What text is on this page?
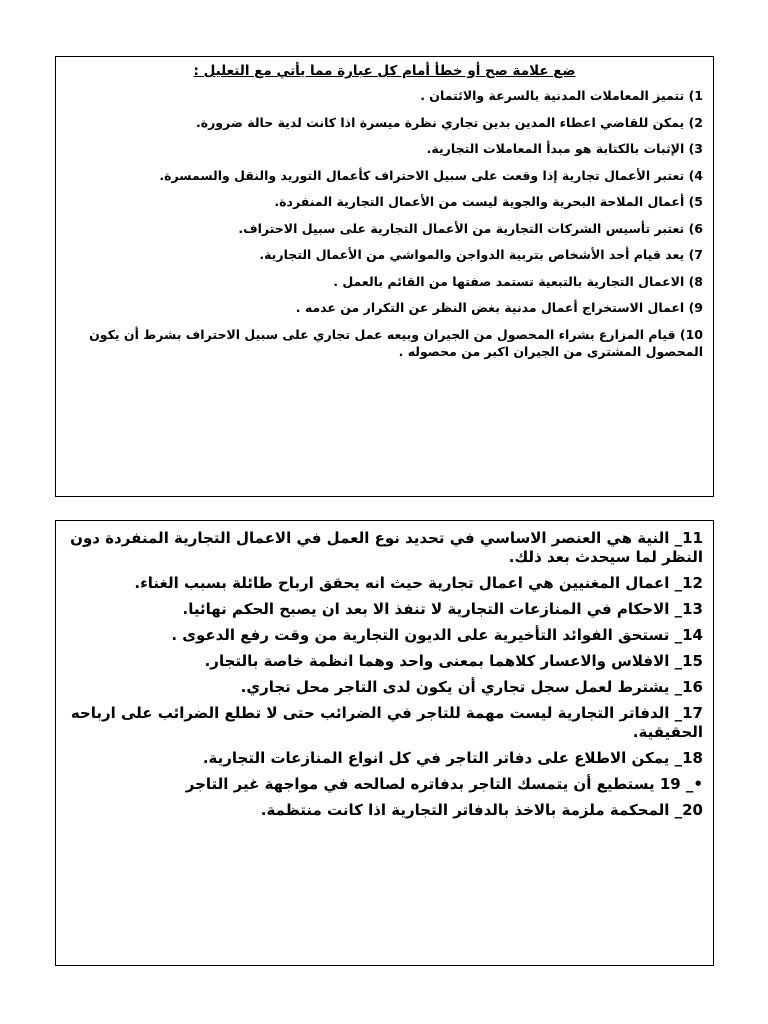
ضع علامة صح أو خطأ أمام كل عبارة مما يأتي مع التعليل :
1) تتميز المعاملات المدنية بالسرعة والائتمان .
2) يمكن للقاضي اعطاء المدين بدين تجاري نظرة ميسرة اذا كانت لدية حالة ضرورة.
3) الإثبات بالكتابة هو مبدأ المعاملات التجارية.
4) تعتبر الأعمال تجارية إذا وقعت على سبيل الاحتراف كأعمال التوريد والنقل والسمسرة.
5) أعمال الملاحة البحرية والجوية ليست من الأعمال التجارية المنفردة.
6) تعتبر تأسيس الشركات التجارية من الأعمال التجارية على سبيل الاحتراف.
7) يعد قيام أحد الأشخاص بتربية الدواجن والمواشي من الأعمال التجارية.
8) الاعمال التجارية بالتبعية تستمد صفتها من القائم بالعمل .
9) اعمال الاستخراج أعمال مدنية بغض النظر عن التكرار من عدمه .
10) قيام المزارع بشراء المحصول من الجيران وبيعه عمل تجاري على سبيل الاحتراف بشرط أن يكون المحصول المشترى من الجيران اكبر من محصوله .
11_ النية هي العنصر الاساسي في تحديد نوع العمل في الاعمال التجارية المنفردة دون النظر لما سيحدث بعد ذلك.
12_ اعمال المغنيين هي اعمال تجارية حيث انه يحقق ارباح طائلة بسبب الغناء.
13_ الاحكام في المنازعات التجارية لا تنفذ الا بعد ان يصبح الحكم نهائيا.
14_ تستحق الفوائد التأخيرية على الديون التجارية من وقت رفع الدعوى .
15_ الافلاس والاعسار كلاهما بمعنى واحد وهما انظمة خاصة بالتجار.
16_ يشترط لعمل سجل تجاري أن يكون لدى التاجر محل تجاري.
17_ الدفاتر التجارية ليست مهمة للتاجر في الضرائب حتى لا تطلع الضرائب على ارباحه الحقيقية.
18_ يمكن الاطلاع على دفاتر التاجر في كل انواع المنازعات التجارية.
•_ 19 يستطيع أن يتمسك التاجر بدفاتره لصالحه في مواجهة غير التاجر
20_ المحكمة ملزمة بالاخذ بالدفاتر التجارية اذا كانت منتظمة.
